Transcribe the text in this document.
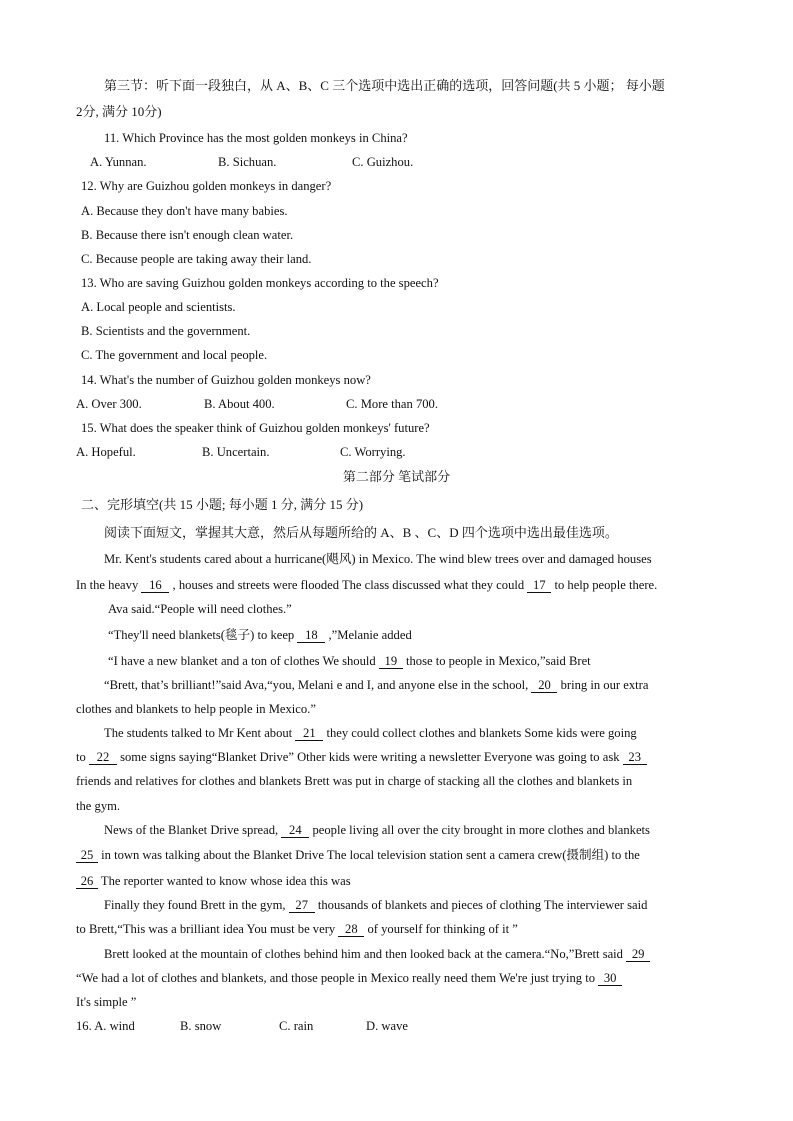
第三节：听下面一段独白，从 A、B、C 三个选项中选出正确的选项，回答问题(共 5 小题； 每小题
2分, 满分 10分)
11. Which Province has the most golden monkeys in China?
A. Yunnan.	B. Sichuan.	C. Guizhou.
12. Why are Guizhou golden monkeys in danger?
A. Because they don't have many babies.
B. Because there isn't enough clean water.
C. Because people are taking away their land.
13. Who are saving Guizhou golden monkeys according to the speech?
A. Local people and scientists.
B. Scientists and the government.
C. The government and local people.
14. What's the number of Guizhou golden monkeys now?
A. Over 300.	B. About 400.	C. More than 700.
15. What does the speaker think of Guizhou golden monkeys' future?
A. Hopeful.	B. Uncertain.	C. Worrying.
第二部分 笔试部分
二、完形填空(共 15 小题; 每小题 1 分, 满分 15 分)
阅读下面短文，掌握其大意，然后从每题所给的 A、B 、C、D 四个选项中选出最佳选项。
Mr. Kent's students cared about a hurricane(飓风) in Mexico. The wind blew trees over and damaged houses
In the heavy 16 , houses and streets were flooded The class discussed what they could 17 to help people there.
Ava said.“People will need clothes.”
“They'll need blankets(毯子) to keep 18 ,”Melanie added
“I have a new blanket and a ton of clothes We should 19 those to people in Mexico,”said Bret
“Brett, that’s brilliant!”said Ava,“you, Melani e and I, and anyone else in the school, 20 bring in our extra
clothes and blankets to help people in Mexico.”
The students talked to Mr Kent about 21 they could collect clothes and blankets Some kids were going
to 22 some signs saying“Blanket Drive” Other kids were writing a newsletter Everyone was going to ask 23
friends and relatives for clothes and blankets Brett was put in charge of stacking all the clothes and blankets in
the gym.
News of the Blanket Drive spread, 24 people living all over the city brought in more clothes and blankets
25 in town was talking about the Blanket Drive The local television station sent a camera crew(摄制组) to the
26 The reporter wanted to know whose idea this was
Finally they found Brett in the gym, 27 thousands of blankets and pieces of clothing The interviewer said
to Brett,“This was a brilliant idea You must be very 28 of yourself for thinking of it ”
Brett looked at the mountain of clothes behind him and then looked back at the camera.“No,”Brett said 29
“We had a lot of clothes and blankets, and those people in Mexico really need them We're just trying to 30
It's simple ”
16. A. wind	B. snow	C. rain	D. wave
